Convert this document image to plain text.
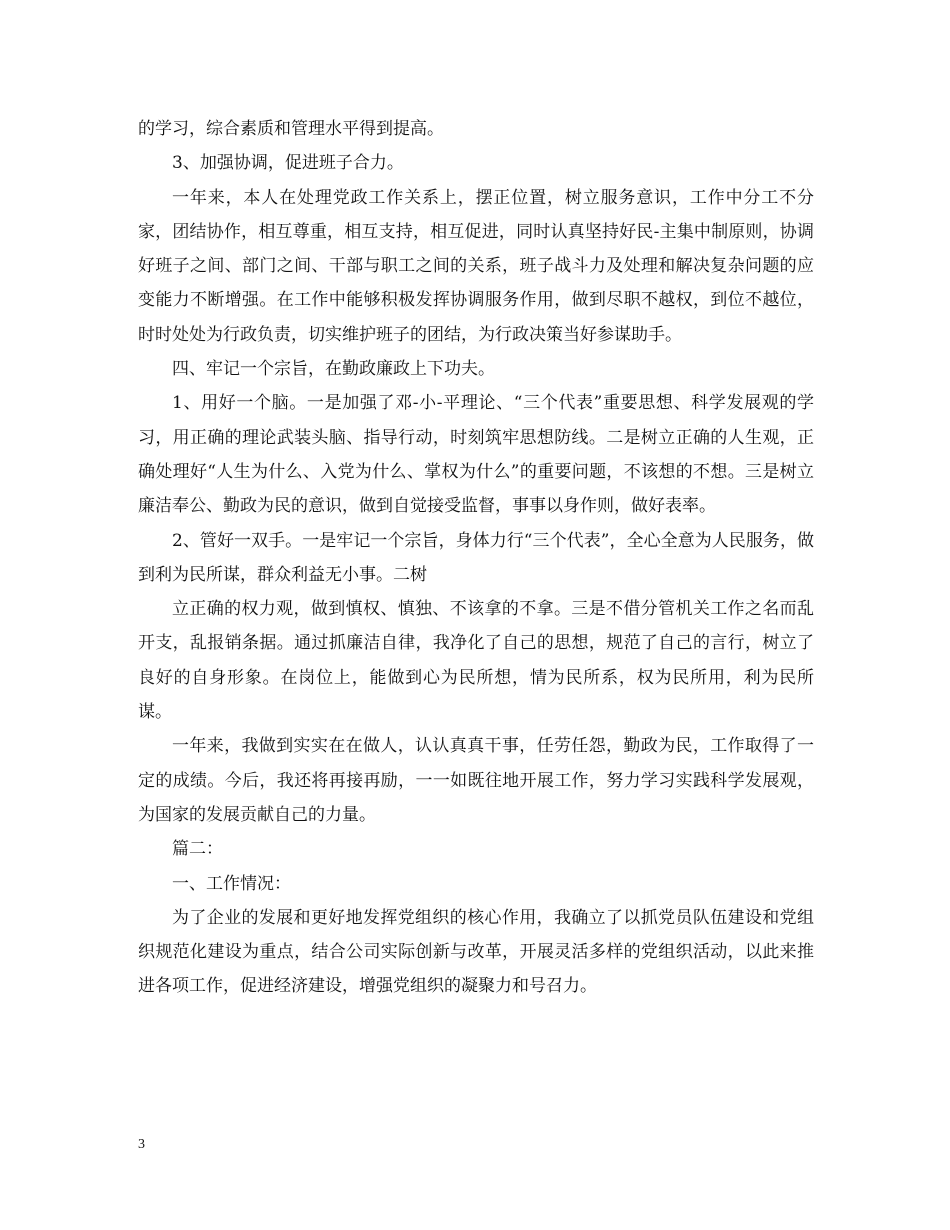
的学习，综合素质和管理水平得到提高。

3、加强协调，促进班子合力。

一年来，本人在处理党政工作关系上，摆正位置，树立服务意识，工作中分工不分家，团结协作，相互尊重，相互支持，相互促进，同时认真坚持好民-主集中制原则，协调好班子之间、部门之间、干部与职工之间的关系，班子战斗力及处理和解决复杂问题的应变能力不断增强。在工作中能够积极发挥协调服务作用，做到尽职不越权，到位不越位，时时处处为行政负责，切实维护班子的团结，为行政决策当好参谋助手。

四、牢记一个宗旨，在勤政廉政上下功夫。

1、用好一个脑。一是加强了邓-小-平理论、“三个代表”重要思想、科学发展观的学习，用正确的理论武装头脑、指导行动，时刻筑牢思想防线。二是树立正确的人生观，正确处理好“人生为什么、入党为什么、掌权为什么”的重要问题，不该想的不想。三是树立廉洁奉公、勤政为民的意识，做到自觉接受监督，事事以身作则，做好表率。

2、管好一双手。一是牢记一个宗旨，身体力行“三个代表”，全心全意为人民服务，做到利为民所谋，群众利益无小事。二树

立正确的权力观，做到慎权、慎独、不该拿的不拿。三是不借分管机关工作之名而乱开支，乱报销条据。通过抓廉洁自律，我净化了自己的思想，规范了自己的言行，树立了良好的自身形象。在岗位上，能做到心为民所想，情为民所系，权为民所用，利为民所谋。

一年来，我做到实实在在做人，认认真真干事，任劳任怨，勤政为民，工作取得了一定的成绩。今后，我还将再接再励，一一如既往地开展工作，努力学习实践科学发展观，为国家的发展贡献自己的力量。

篇二：

一、工作情况：

为了企业的发展和更好地发挥党组织的核心作用，我确立了以抓党员队伍建设和党组织规范化建设为重点，结合公司实际创新与改革，开展灵活多样的党组织活动，以此来推进各项工作，促进经济建设，增强党组织的凝聚力和号召力。

3
